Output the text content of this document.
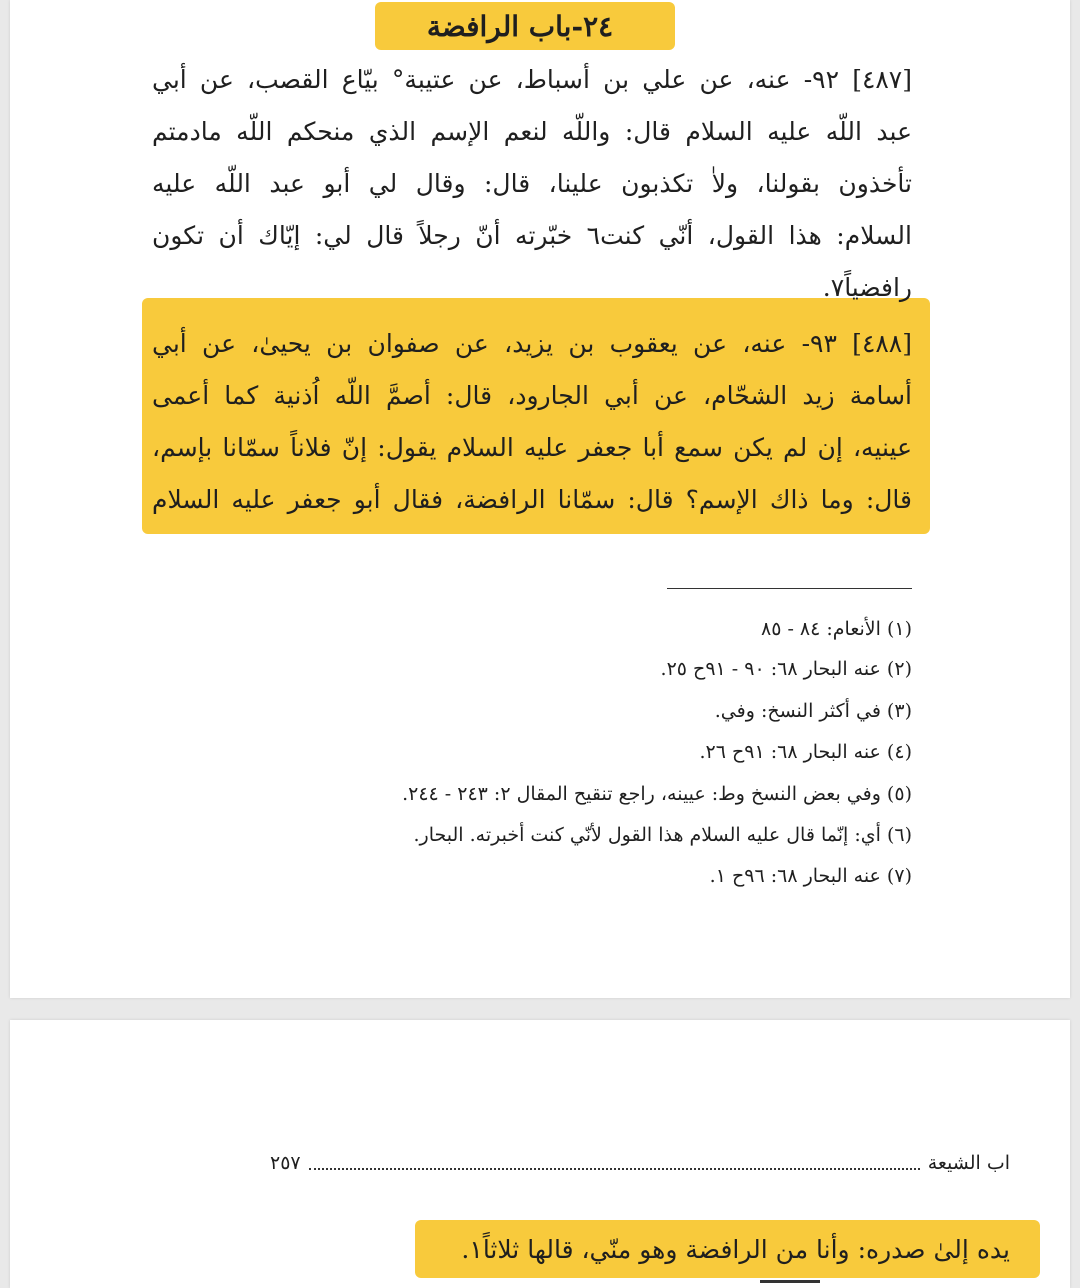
٢٤-باب الرافضة
[٤٨٧] ٩٢- عنه، عن علي بن أسباط، عن عتيبة° بيّاع القصب، عن أبي
عبد اللّه عليه السلام قال: واللّه لنعم الإسم الذي منحكم اللّه مادمتم
تأخذون بقولنا، ولاٰ تكذبون علينا، قال: وقال لي أبو عبد اللّه عليه
السلام: هذا القول، أنّي كنت٦ خبّرته أنّ رجلاً قال لي: إيّاك أن تكون
رافضياً٧.
[٤٨٨] ٩٣- عنه، عن يعقوب بن يزيد، عن صفوان بن يحيىٰ، عن أبي
أسامة زيد الشحّام، عن أبي الجارود، قال: أصمَّ اللّه اُذنية كما أعمى
عينيه، إن لم يكن سمع أبا جعفر عليه السلام يقول: إنّ فلاناً سمّانا بإسم،
قال: وما ذاك الإسم؟ قال: سمّانا الرافضة، فقال أبو جعفر عليه السلام
(١) الأنعام: ٨٤ - ٨٥
(٢) عنه البحار ٦٨: ٩٠ - ٩١ح ٢٥.
(٣) في أكثر النسخ: وفي.
(٤) عنه البحار ٦٨: ٩١ح ٢٦.
(٥) وفي بعض النسخ وط: عيينه، راجع تنقيح المقال ٢: ٢٤٣ - ٢٤٤.
(٦) أي: إنّما قال عليه السلام هذا القول لأنّي كنت أخبرته. البحار.
(٧) عنه البحار ٦٨: ٩٦ح ١.
اب الشيعة
٢٥٧
يده إلىٰ صدره: وأنا من الرافضة وهو منّي، قالها ثلاثاً١.
